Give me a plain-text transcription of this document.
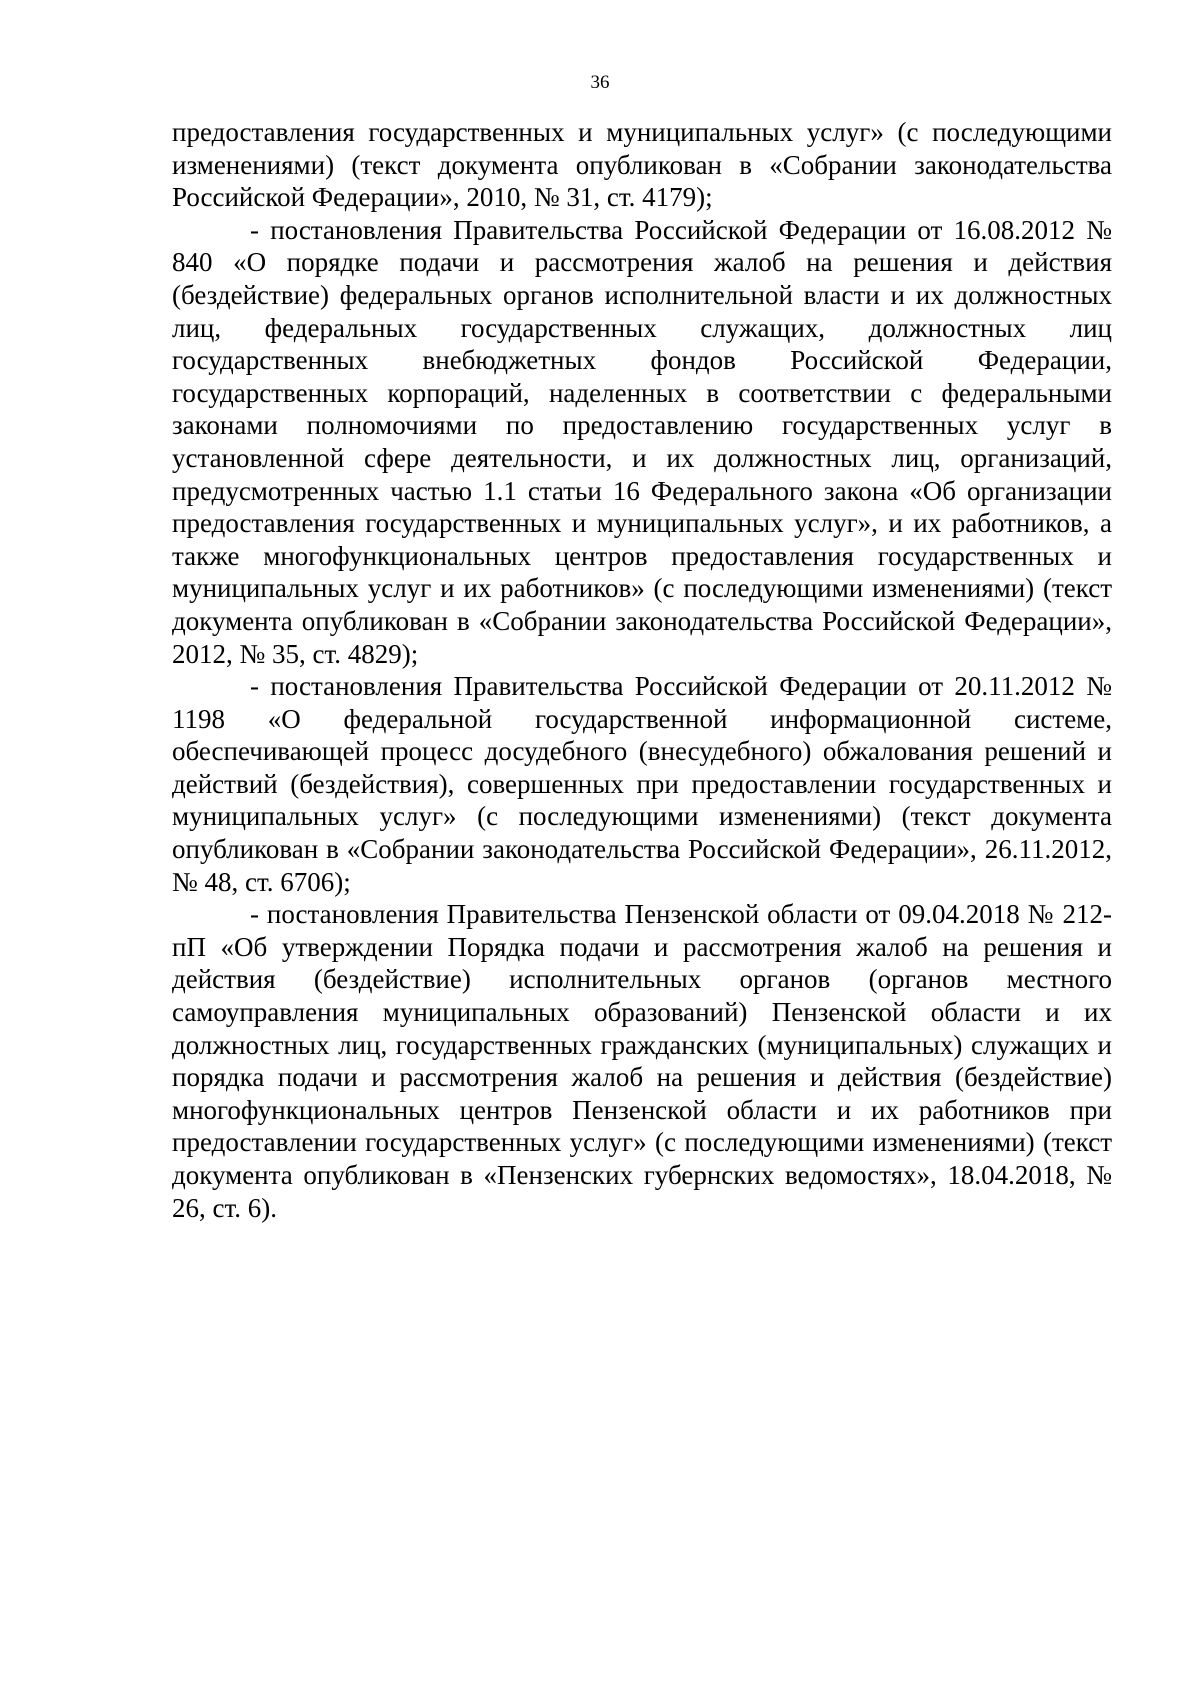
36

предоставления государственных и муниципальных услуг» (с последующими изменениями) (текст документа опубликован в «Собрании законодательства Российской Федерации», 2010, № 31, ст. 4179);

- постановления Правительства Российской Федерации от 16.08.2012 № 840 «О порядке подачи и рассмотрения жалоб на решения и действия (бездействие) федеральных органов исполнительной власти и их должностных лиц, федеральных государственных служащих, должностных лиц государственных внебюджетных фондов Российской Федерации, государственных корпораций, наделенных в соответствии с федеральными законами полномочиями по предоставлению государственных услуг в установленной сфере деятельности, и их должностных лиц, организаций, предусмотренных частью 1.1 статьи 16 Федерального закона «Об организации предоставления государственных и муниципальных услуг», и их работников, а также многофункциональных центров предоставления государственных и муниципальных услуг и их работников» (с последующими изменениями) (текст документа опубликован в «Собрании законодательства Российской Федерации», 2012, № 35, ст. 4829);

- постановления Правительства Российской Федерации от 20.11.2012 № 1198 «О федеральной государственной информационной системе, обеспечивающей процесс досудебного (внесудебного) обжалования решений и действий (бездействия), совершенных при предоставлении государственных и муниципальных услуг» (с последующими изменениями) (текст документа опубликован в «Собрании законодательства Российской Федерации», 26.11.2012, № 48, ст. 6706);

- постановления Правительства Пензенской области от 09.04.2018 № 212-пП «Об утверждении Порядка подачи и рассмотрения жалоб на решения и действия (бездействие) исполнительных органов (органов местного самоуправления муниципальных образований) Пензенской области и их должностных лиц, государственных гражданских (муниципальных) служащих и порядка подачи и рассмотрения жалоб на решения и действия (бездействие) многофункциональных центров Пензенской области и их работников при предоставлении государственных услуг» (с последующими изменениями) (текст документа опубликован в «Пензенских губернских ведомостях», 18.04.2018, № 26, ст. 6).
